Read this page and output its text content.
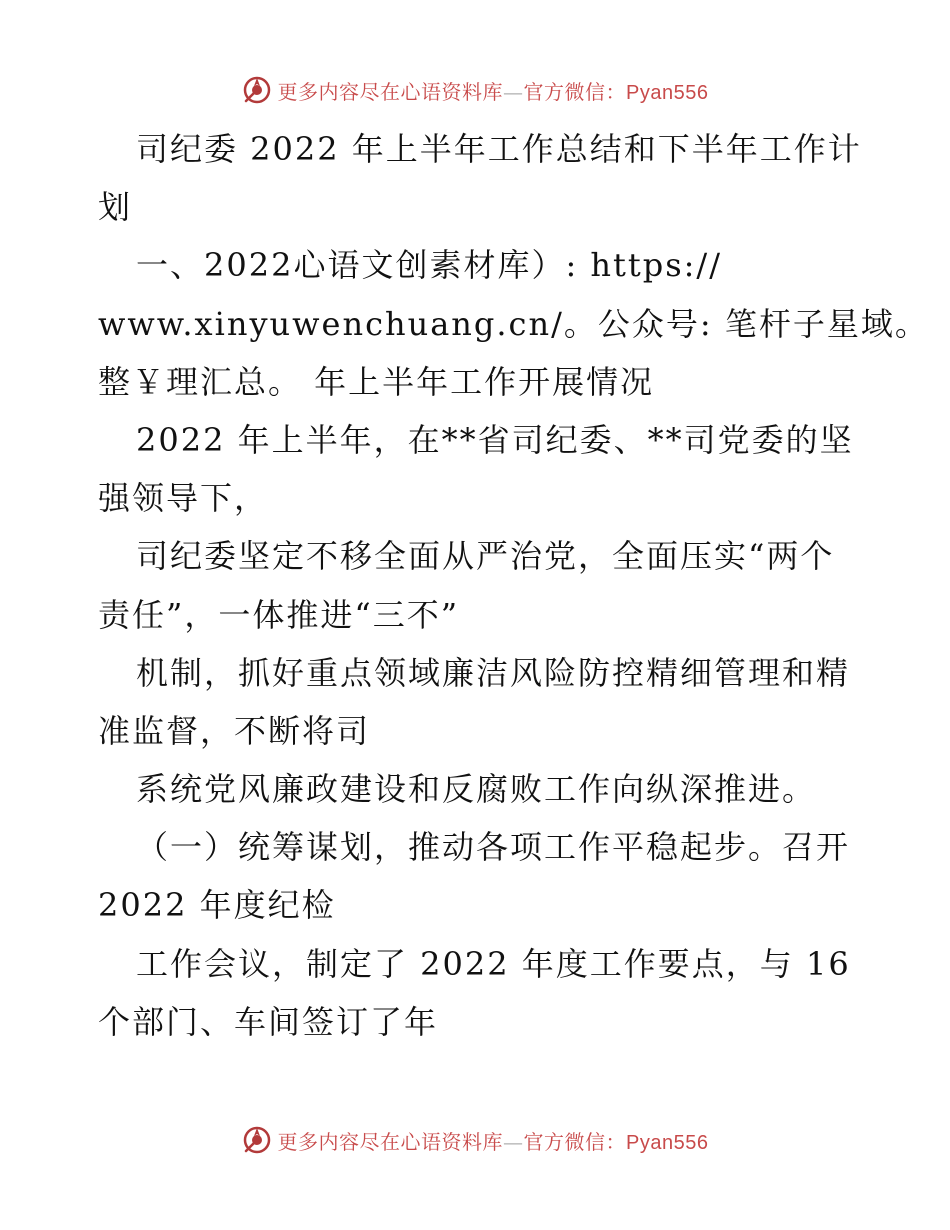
更多内容尽在心语资料库—官方微信：Pyan556
司纪委 2022 年上半年工作总结和下半年工作计
划
一、2022心语文创素材库）: https://
www.xinyuwenchuang.cn/。公众号: 笔杆子星域。
整￥理汇总。 年上半年工作开展情况
2022 年上半年，在**省司纪委、**司党委的坚
强领导下，
司纪委坚定不移全面从严治党，全面压实“两个
责任”，一体推进“三不”
机制，抓好重点领域廉洁风险防控精细管理和精
准监督，不断将司
系统党风廉政建设和反腐败工作向纵深推进。
（一）统筹谋划，推动各项工作平稳起步。召开
2022 年度纪检
工作会议，制定了 2022 年度工作要点，与 16
个部门、车间签订了年
更多内容尽在心语资料库—官方微信：Pyan556
